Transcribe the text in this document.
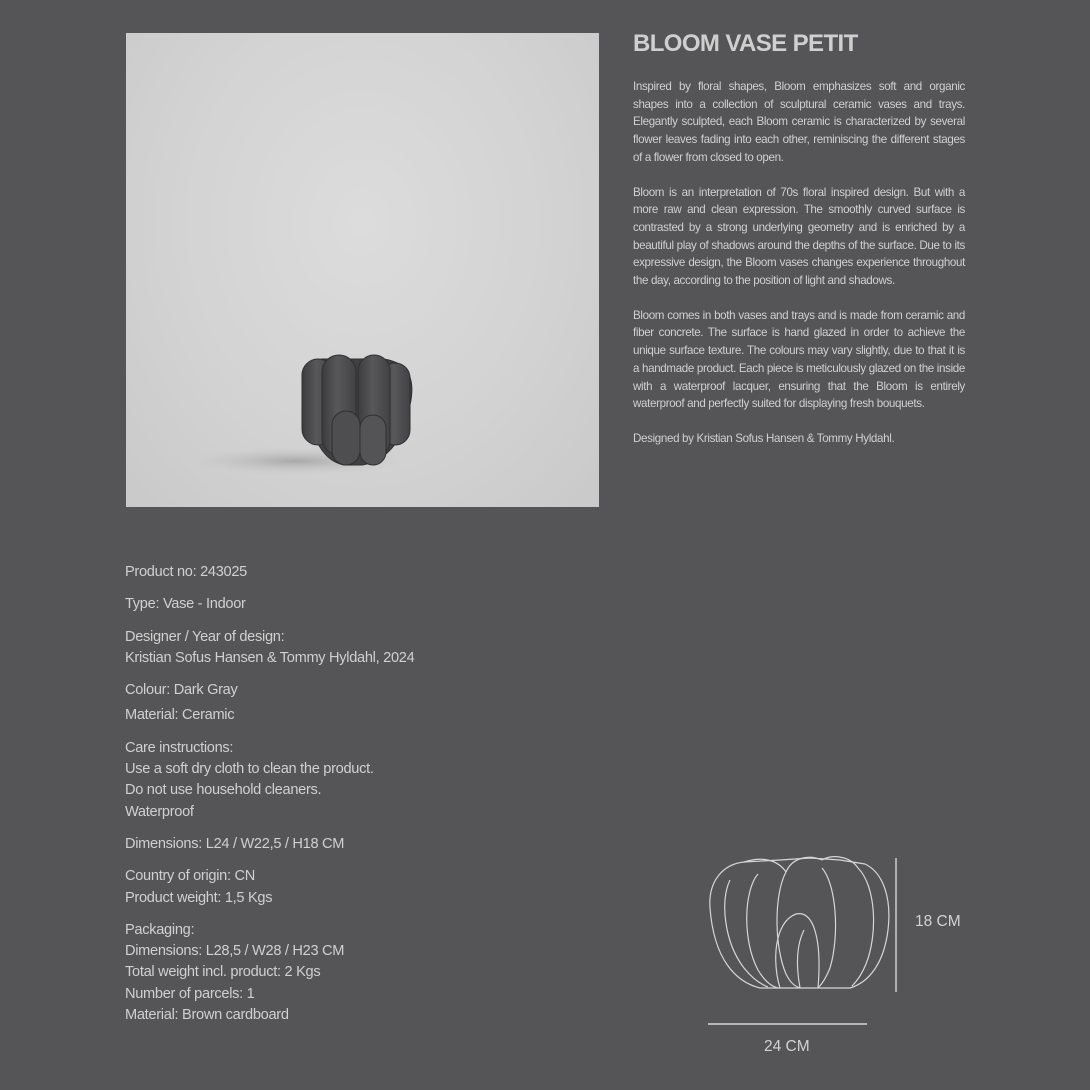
BLOOM VASE PETIT

Inspired by floral shapes, Bloom emphasizes soft and organic shapes into a collection of sculptural ceramic vases and trays. Elegantly sculpted, each Bloom ceramic is characterized by several flower leaves fading into each other, reminiscing the different stages of a flower from closed to open.

Bloom is an interpretation of 70s floral inspired design. But with a more raw and clean expression. The smoothly curved surface is contrasted by a strong underlying geometry and is enriched by a beautiful play of shadows around the depths of the surface. Due to its expressive design, the Bloom vases changes experience throughout the day, according to the position of light and shadows.

Bloom comes in both vases and trays and is made from ceramic and fiber concrete. The surface is hand glazed in order to achieve the unique surface texture. The colours may vary slightly, due to that it is a handmade product. Each piece is meticulously glazed on the inside with a waterproof lacquer, ensuring that the Bloom is entirely waterproof and perfectly suited for displaying fresh bouquets.

Designed by Kristian Sofus Hansen & Tommy Hyldahl.

Product no: 243025
Type: Vase - Indoor
Designer / Year of design:
Kristian Sofus Hansen & Tommy Hyldahl, 2024
Colour: Dark Gray
Material: Ceramic
Care instructions:
Use a soft dry cloth to clean the product.
Do not use household cleaners.
Waterproof
Dimensions: L24 / W22,5 / H18 CM
Country of origin: CN
Product weight: 1,5 Kgs
Packaging:
Dimensions: L28,5 / W28 / H23 CM
Total weight incl. product: 2 Kgs
Number of parcels: 1
Material: Brown cardboard
18 CM
24 CM
